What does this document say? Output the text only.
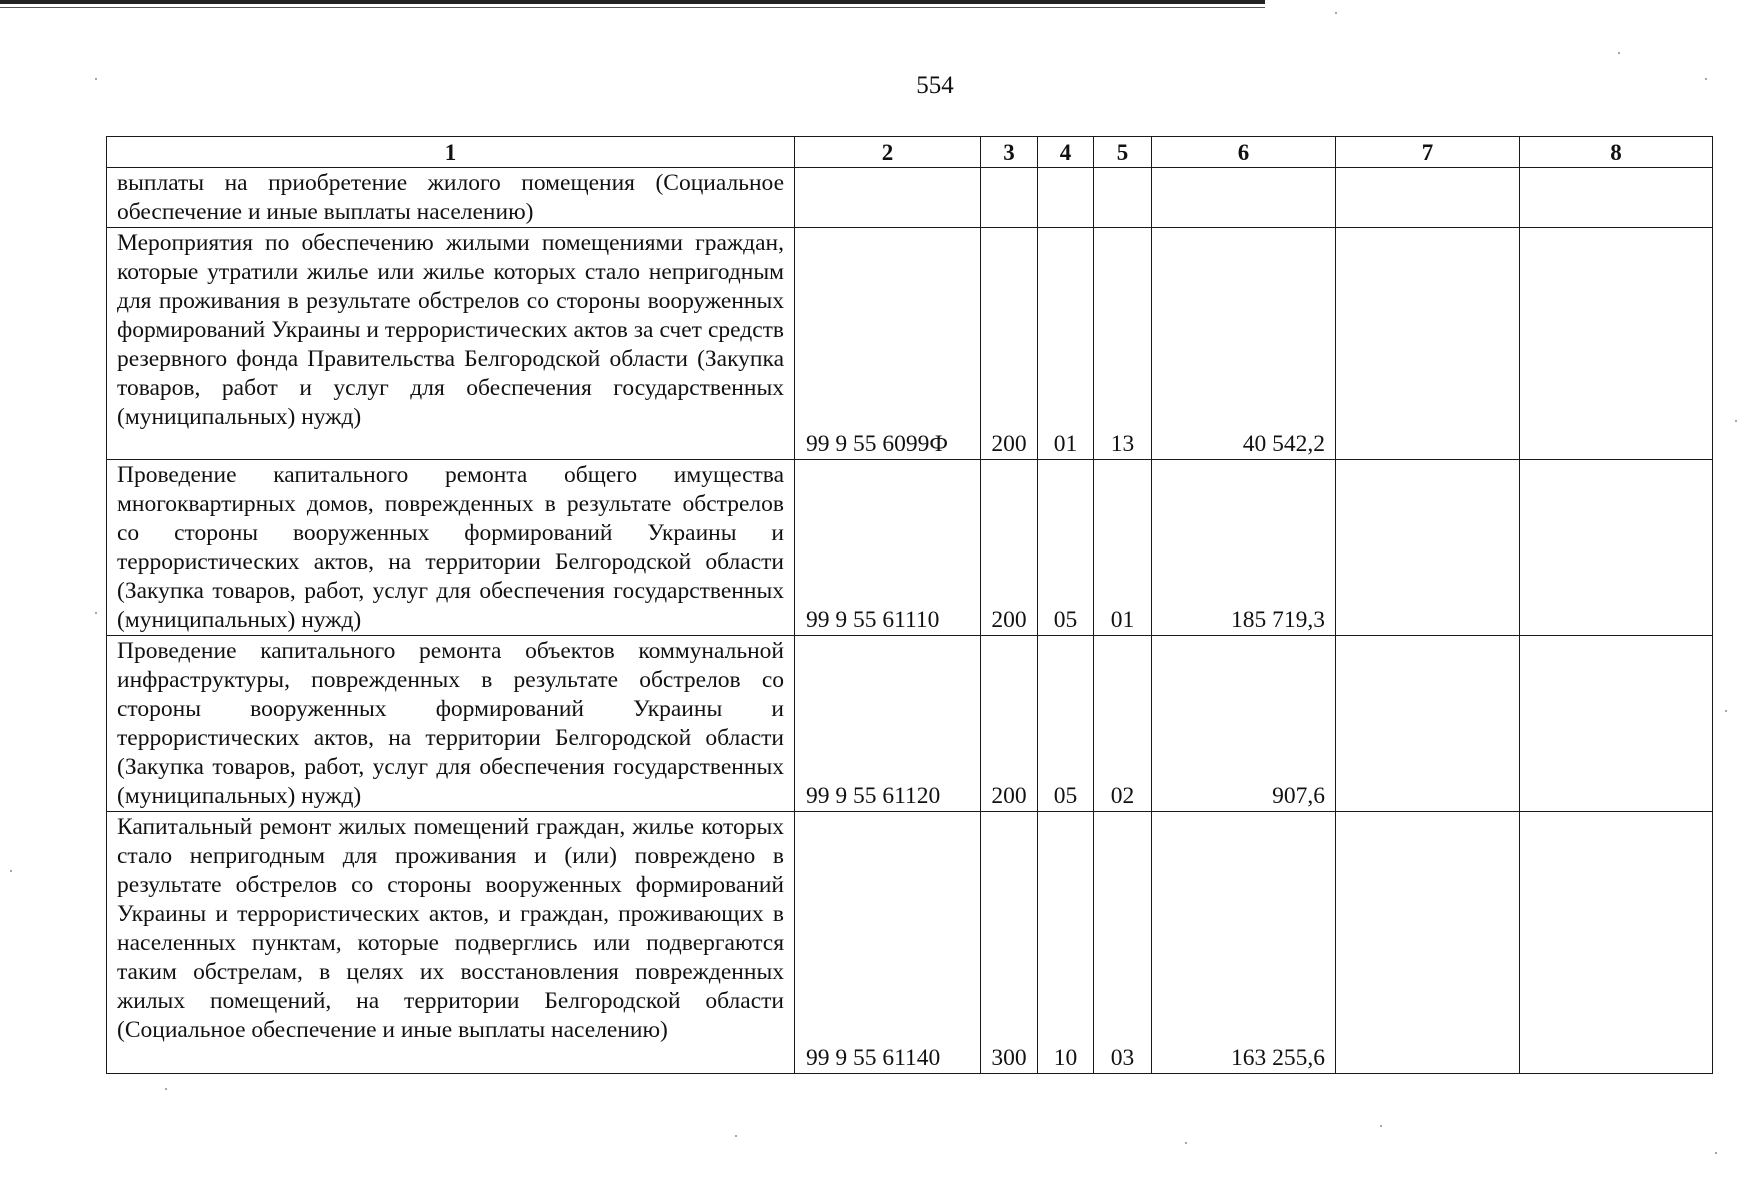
554
1	2	3	4	5	6	7	8
выплаты на приобретение жилого помещения (Социальное обеспечение и иные выплаты населению)							
Мероприятия по обеспечению жилыми помещениями граждан, которые утратили жилье или жилье которых стало непригодным для проживания в результате обстрелов со стороны вооруженных формирований Украины и террористических актов за счет средств резервного фонда Правительства Белгородской области (Закупка товаров, работ и услуг для обеспечения государственных (муниципальных) нужд)	99 9 55 6099Ф	200	01	13	40 542,2		
Проведение капитального ремонта общего имущества многоквартирных домов, поврежденных в результате обстрелов со стороны вооруженных формирований Украины и террористических актов, на территории Белгородской области (Закупка товаров, работ, услуг для обеспечения государственных (муниципальных) нужд)	99 9 55 61110	200	05	01	185 719,3		
Проведение капитального ремонта объектов коммунальной инфраструктуры, поврежденных в результате обстрелов со стороны вооруженных формирований Украины и террористических актов, на территории Белгородской области (Закупка товаров, работ, услуг для обеспечения государственных (муниципальных) нужд)	99 9 55 61120	200	05	02	907,6		
Капитальный ремонт жилых помещений граждан, жилье которых стало непригодным для проживания и (или) повреждено в результате обстрелов со стороны вооруженных формирований Украины и террористических актов, и граждан, проживающих в населенных пунктам, которые подверглись или подвергаются таким обстрелам, в целях их восстановления поврежденных жилых помещений, на территории Белгородской области (Социальное обеспечение и иные выплаты населению)	99 9 55 61140	300	10	03	163 255,6		
